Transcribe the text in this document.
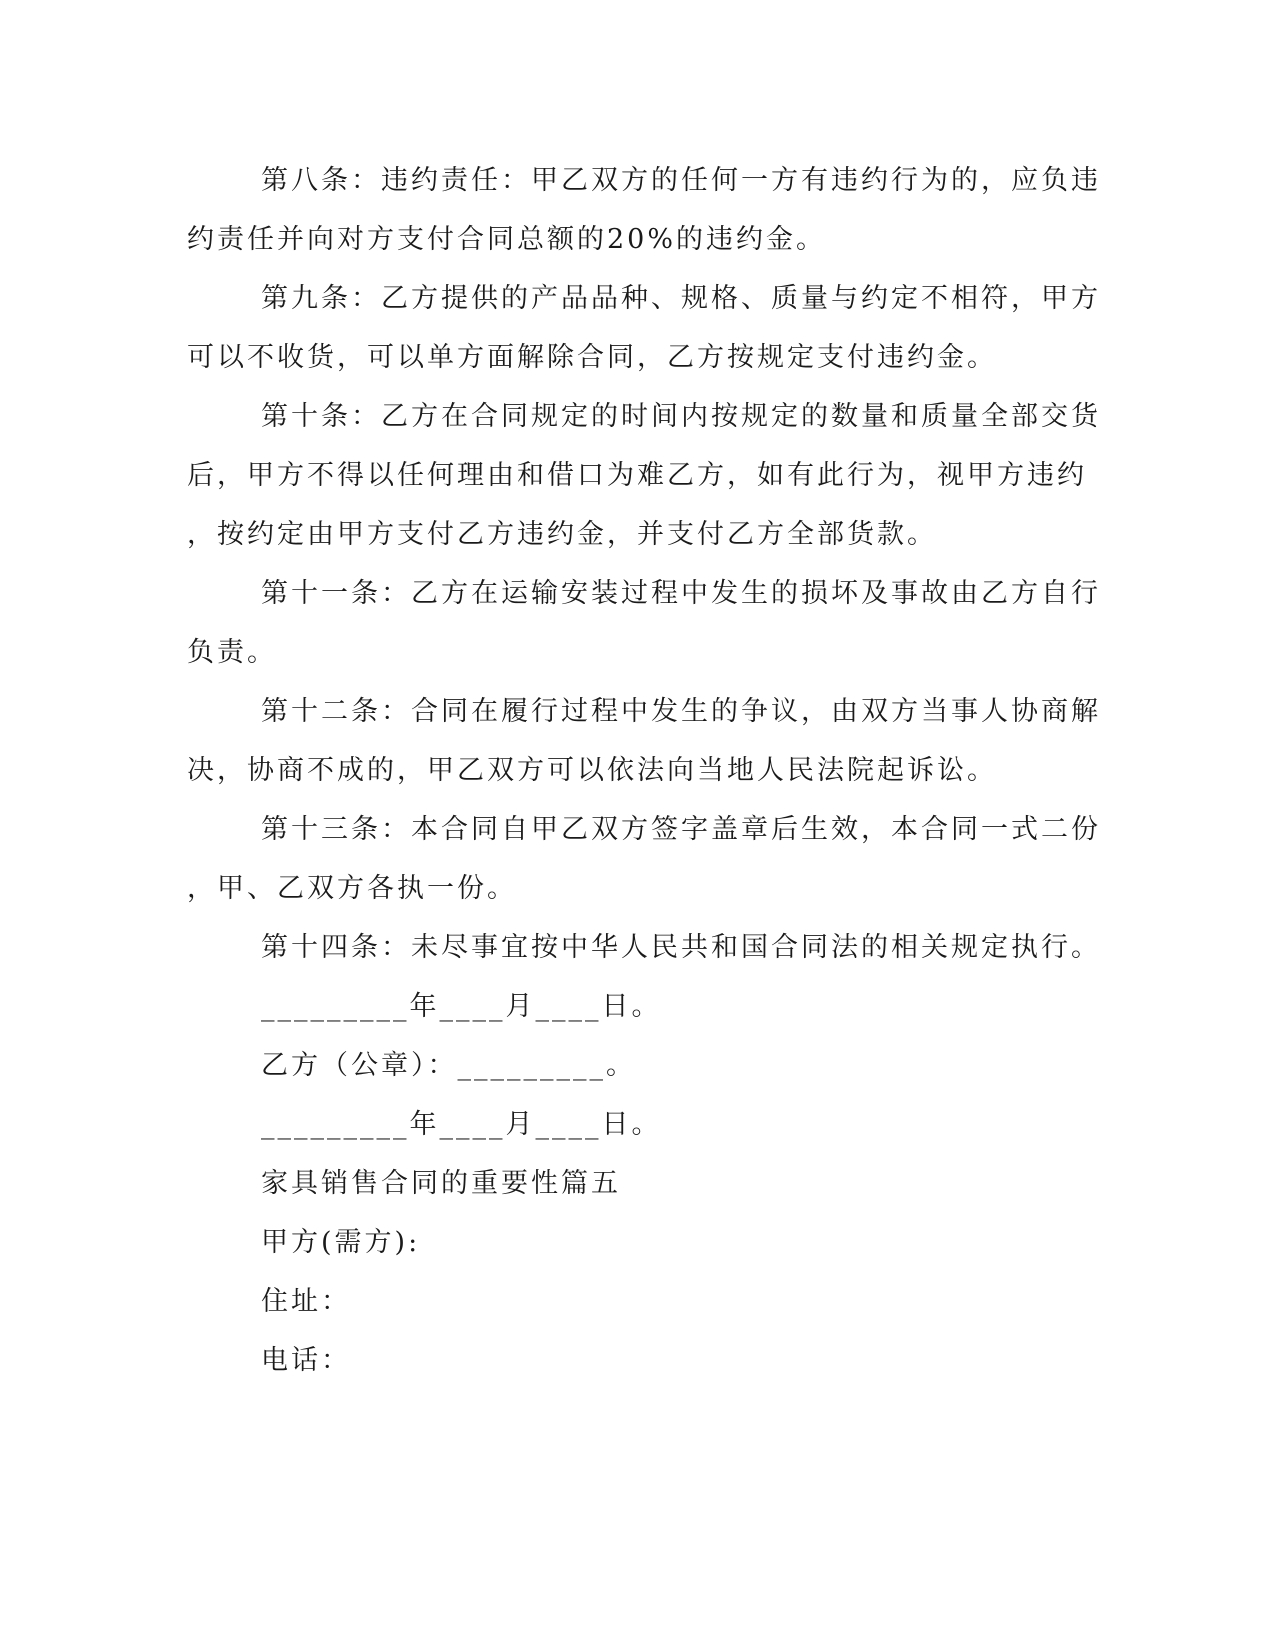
第八条：违约责任：甲乙双方的任何一方有违约行为的，应负违
约责任并向对方支付合同总额的20%的违约金。
第九条：乙方提供的产品品种、规格、质量与约定不相符，甲方
可以不收货，可以单方面解除合同，乙方按规定支付违约金。
第十条：乙方在合同规定的时间内按规定的数量和质量全部交货
后，甲方不得以任何理由和借口为难乙方，如有此行为，视甲方违约
，按约定由甲方支付乙方违约金，并支付乙方全部货款。
第十一条：乙方在运输安装过程中发生的损坏及事故由乙方自行
负责。
第十二条：合同在履行过程中发生的争议，由双方当事人协商解
决，协商不成的，甲乙双方可以依法向当地人民法院起诉讼。
第十三条：本合同自甲乙双方签字盖章后生效，本合同一式二份
，甲、乙双方各执一份。
第十四条：未尽事宜按中华人民共和国合同法的相关规定执行。
_________年____月____日。
乙方（公章）：_________。
_________年____月____日。
家具销售合同的重要性篇五
甲方(需方):
住址：
电话：
